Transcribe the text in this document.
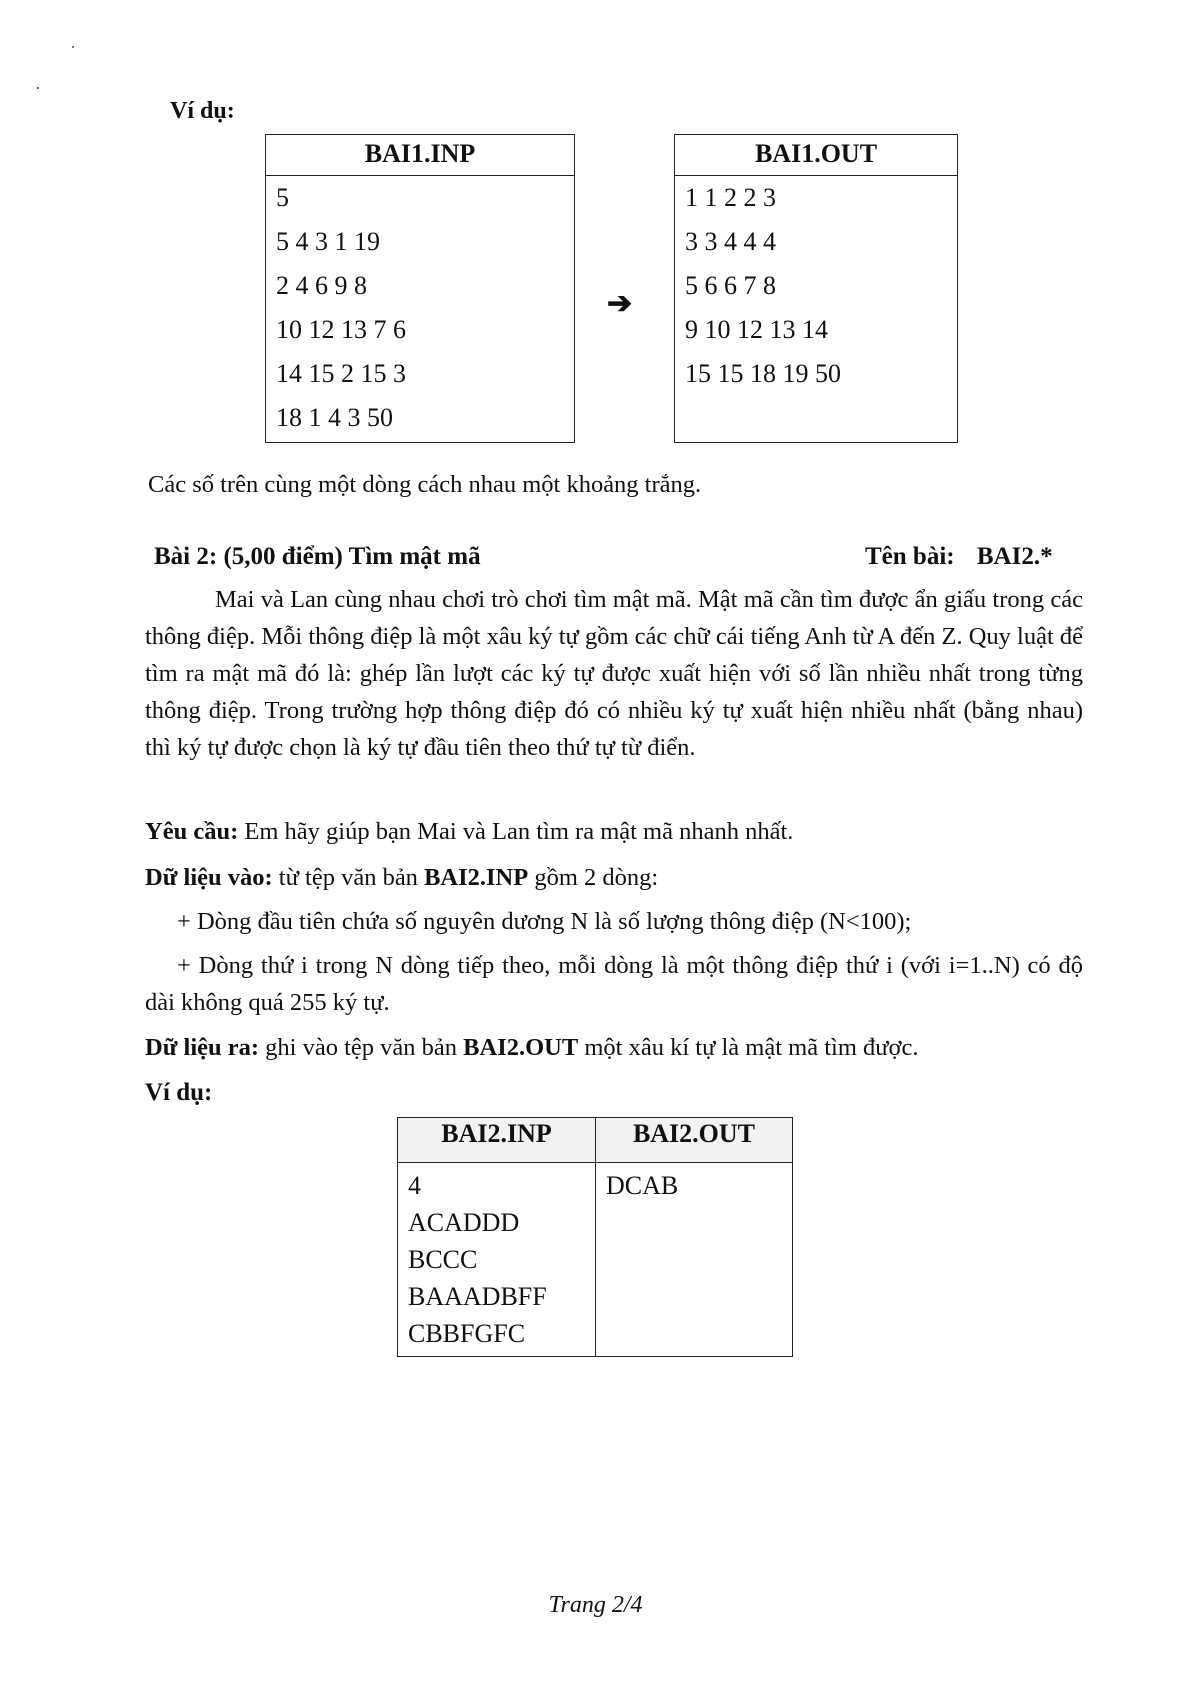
Ví dụ:
BAI1.INP
5
5 4 3 1 19
2 4 6 9 8
10 12 13 7 6
14 15 2 15 3
18 1 4 3 50
➔
BAI1.OUT
1 1 2 2 3
3 3 4 4 4
5 6 6 7 8
9 10 12 13 14
15 15 18 19 50
Các số trên cùng một dòng cách nhau một khoảng trắng.
Bài 2: (5,00 điểm) Tìm mật mã	Tên bài: BAI2.*
Mai và Lan cùng nhau chơi trò chơi tìm mật mã. Mật mã cần tìm được ẩn giấu trong các thông điệp. Mỗi thông điệp là một xâu ký tự gồm các chữ cái tiếng Anh từ A đến Z. Quy luật để tìm ra mật mã đó là: ghép lần lượt các ký tự được xuất hiện với số lần nhiều nhất trong từng thông điệp. Trong trường hợp thông điệp đó có nhiều ký tự xuất hiện nhiều nhất (bằng nhau) thì ký tự được chọn là ký tự đầu tiên theo thứ tự từ điển.
Yêu cầu: Em hãy giúp bạn Mai và Lan tìm ra mật mã nhanh nhất.
Dữ liệu vào: từ tệp văn bản BAI2.INP gồm 2 dòng:
+ Dòng đầu tiên chứa số nguyên dương N là số lượng thông điệp (N<100);
+ Dòng thứ i trong N dòng tiếp theo, mỗi dòng là một thông điệp thứ i (với i=1..N) có độ dài không quá 255 ký tự.
Dữ liệu ra: ghi vào tệp văn bản BAI2.OUT một xâu kí tự là mật mã tìm được.
Ví dụ:
BAI2.INP	BAI2.OUT

4
ACADDD
BCCC
BAAADBFF
CBBFGFC	DCAB
Trang 2/4
